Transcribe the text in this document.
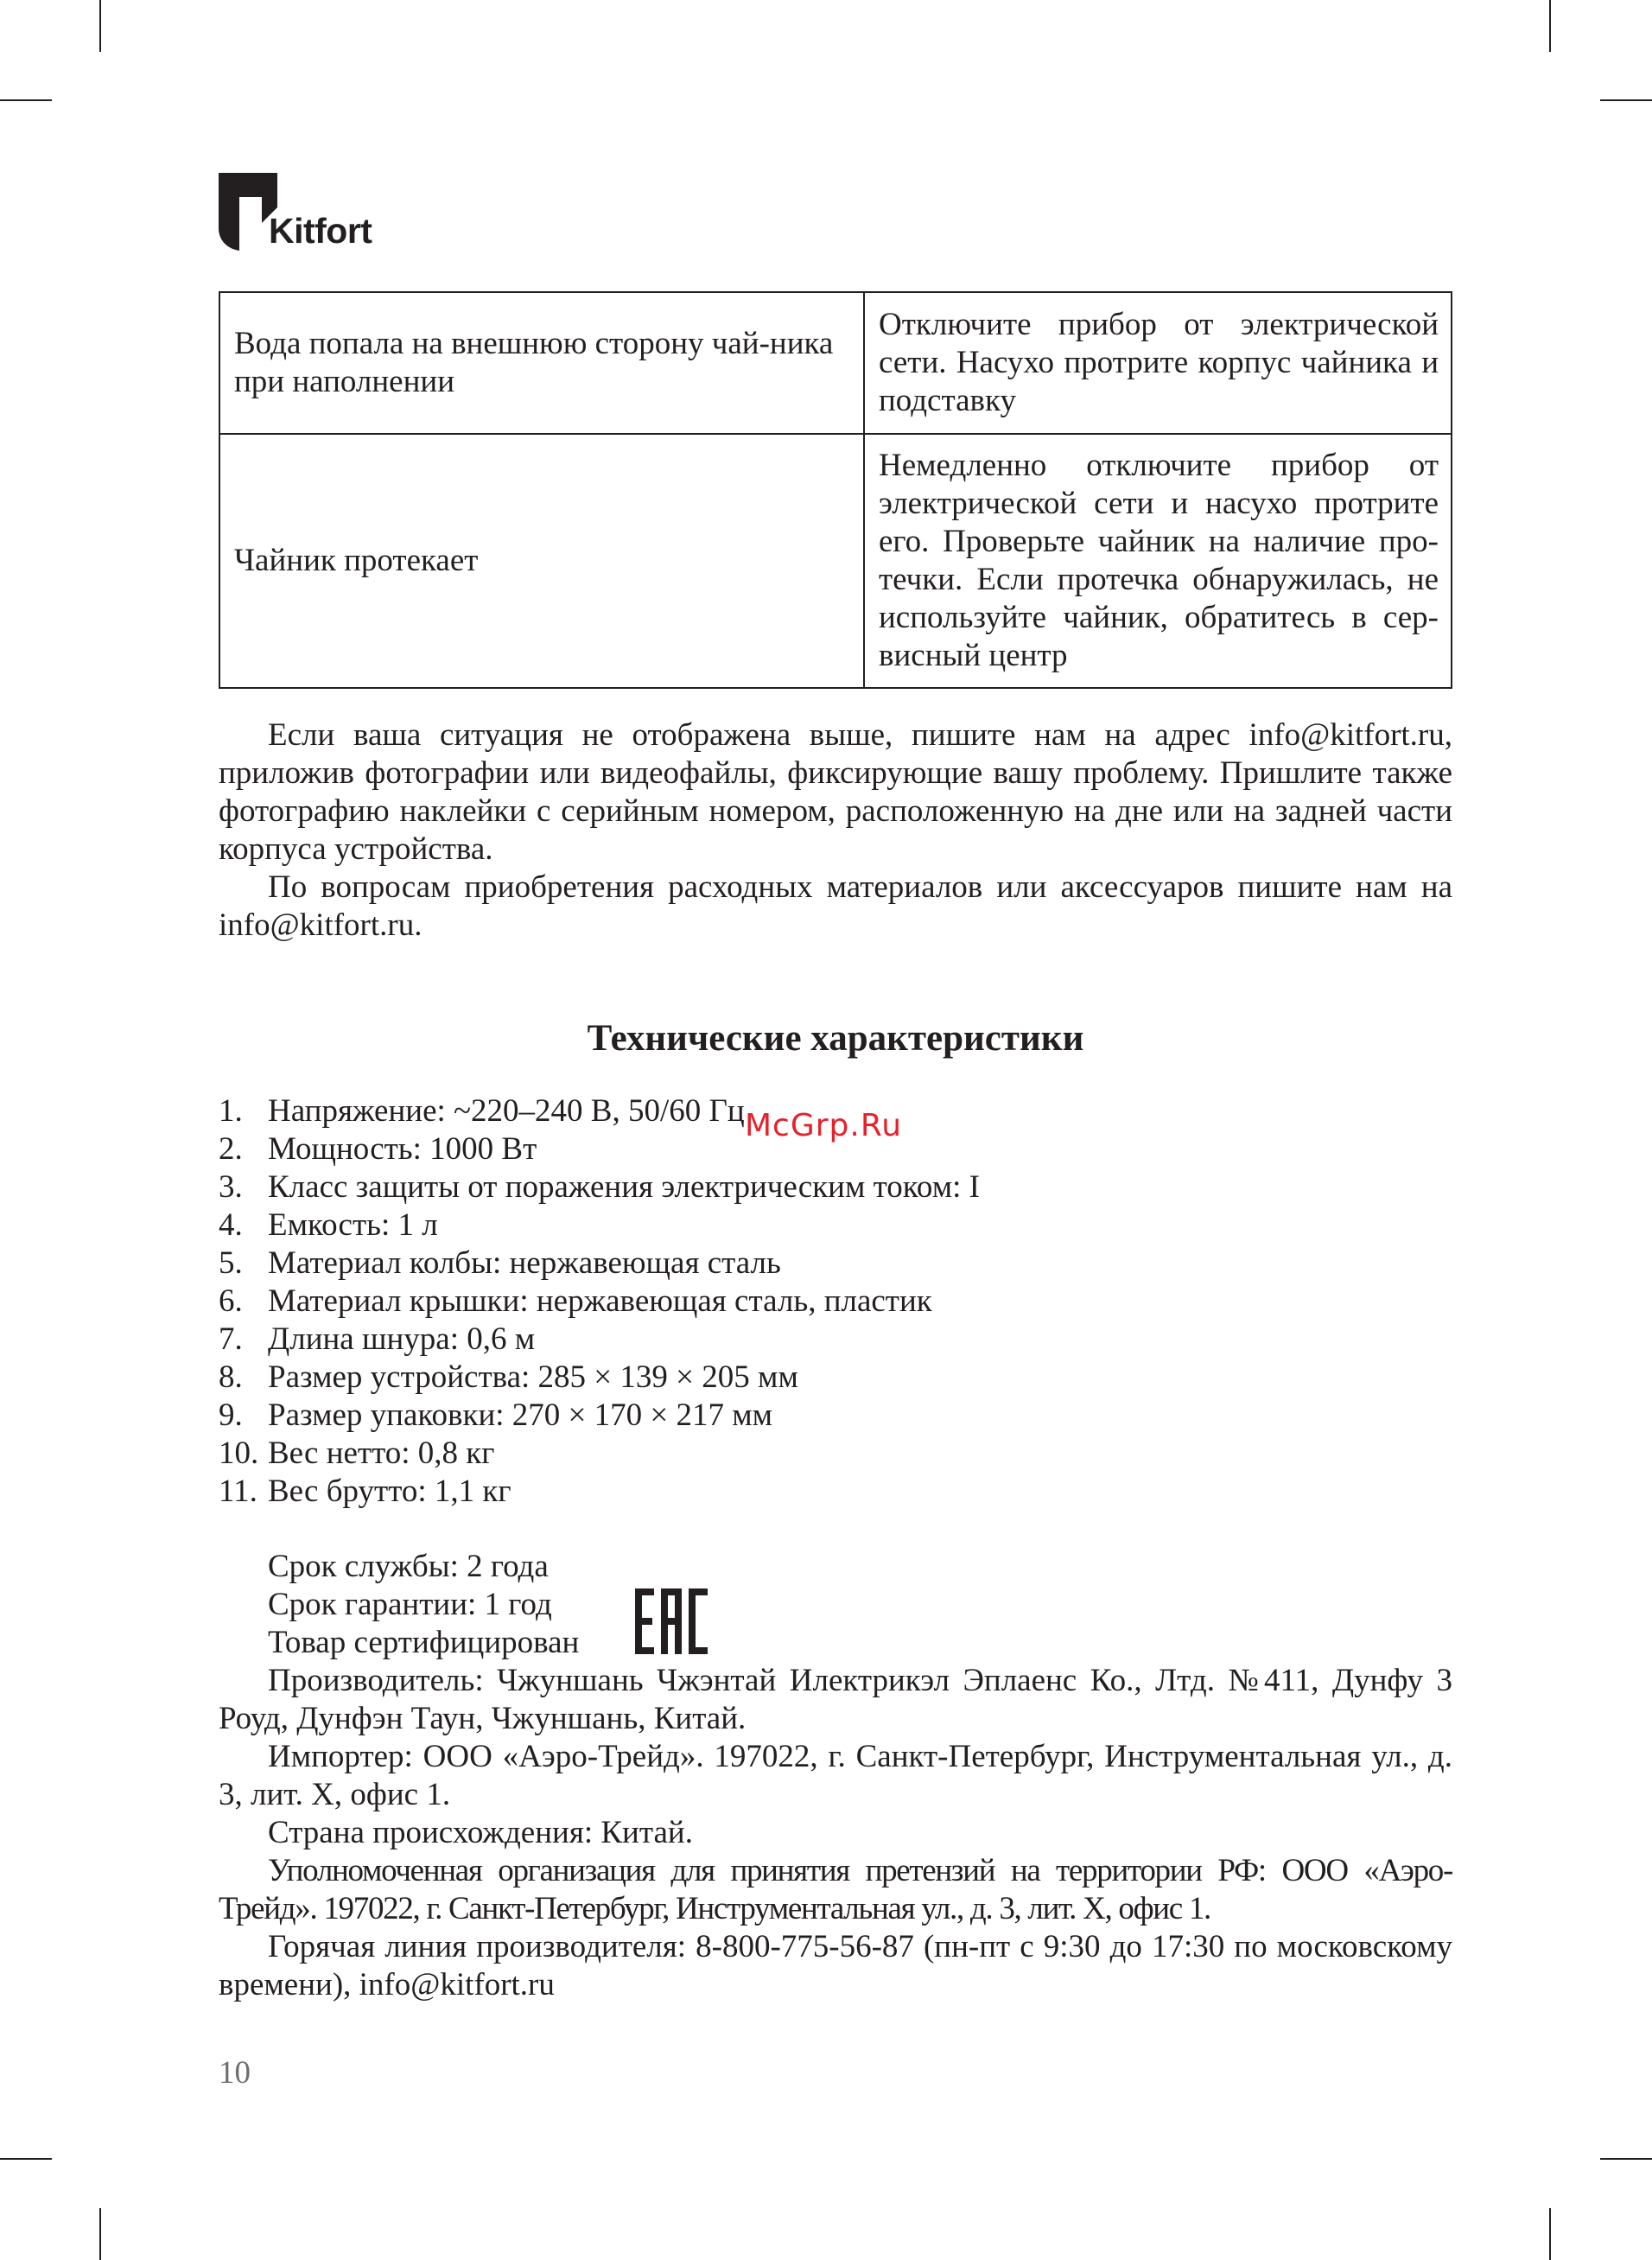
Kitfort
Вода попала на внешнюю сторону чай-ника при наполнении	Отключите прибор от электрической сети. Насухо протрите корпус чайника и подставку
Чайник протекает	Немедленно отключите прибор от электрической сети и насухо протрите его. Проверьте чайник на наличие про-течки. Если протечка обнаружилась, не используйте чайник, обратитесь в сер-висный центр

Если ваша ситуация не отображена выше, пишите нам на адрес info@kitfort.ru, приложив фотографии или видеофайлы, фиксирующие вашу проблему. Пришлите также фотографию наклейки с серийным номером, расположенную на дне или на задней части корпуса устройства.

По вопросам приобретения расходных материалов или аксессуаров пишите нам на info@kitfort.ru.

Технические характеристики
1. Напряжение: ~220–240 В, 50/60 Гц
2. Мощность: 1000 Вт
3. Класс защиты от поражения электрическим током: I
4. Емкость: 1 л
5. Материал колбы: нержавеющая сталь
6. Материал крышки: нержавеющая сталь, пластик
7. Длина шнура: 0,6 м
8. Размер устройства: 285 × 139 × 205 мм
9. Размер упаковки: 270 × 170 × 217 мм
10. Вес нетто: 0,8 кг
11. Вес брутто: 1,1 кг
McGrp.Ru
Срок службы: 2 года
Срок гарантии: 1 год
Товар сертифицирован

Производитель: Чжуншань Чжэнтай Илектрикэл Эплаенс Ко., Лтд. №411, Дунфу 3 Роуд, Дунфэн Таун, Чжуншань, Китай.

Импортер: ООО «Аэро-Трейд». 197022, г. Санкт-Петербург, Инструментальная ул., д. 3, лит. Х, офис 1.

Страна происхождения: Китай.

Уполномоченная организация для принятия претензий на территории РФ: ООО «Аэро-Трейд». 197022, г. Санкт-Петербург, Инструментальная ул., д. 3, лит. Х, офис 1.

Горячая линия производителя: 8-800-775-56-87 (пн-пт с 9:30 до 17:30 по московскому времени), info@kitfort.ru

10
